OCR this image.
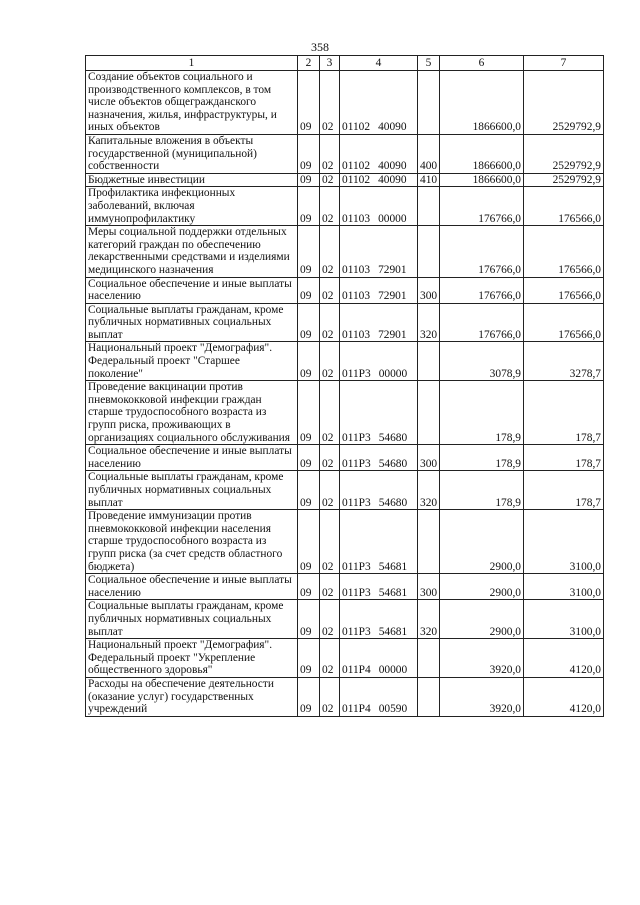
358
1	2	3	4	5	6	7
Создание объектов социального и производственного комплексов, в том числе объектов общегражданского назначения, жилья, инфраструктуры, и иных объектов	09	02	01102 40090		1866600,0	2529792,9
Капитальные вложения в объекты государственной (муниципальной) собственности	09	02	01102 40090	400	1866600,0	2529792,9
Бюджетные инвестиции	09	02	01102 40090	410	1866600,0	2529792,9
Профилактика инфекционных заболеваний, включая иммунопрофилактику	09	02	01103 00000		176766,0	176566,0
Меры социальной поддержки отдельных категорий граждан по обеспечению лекарственными средствами и изделиями медицинского назначения	09	02	01103 72901		176766,0	176566,0
Социальное обеспечение и иные выплаты населению	09	02	01103 72901	300	176766,0	176566,0
Социальные выплаты гражданам, кроме публичных нормативных социальных выплат	09	02	01103 72901	320	176766,0	176566,0
Национальный проект "Демография". Федеральный проект "Старшее поколение"	09	02	011Р3 00000		3078,9	3278,7
Проведение вакцинации против пневмококковой инфекции граждан старше трудоспособного возраста из групп риска, проживающих в организациях социального обслуживания	09	02	011Р3 54680		178,9	178,7
Социальное обеспечение и иные выплаты населению	09	02	011Р3 54680	300	178,9	178,7
Социальные выплаты гражданам, кроме публичных нормативных социальных выплат	09	02	011Р3 54680	320	178,9	178,7
Проведение иммунизации против пневмококковой инфекции населения старше трудоспособного возраста из групп риска (за счет средств областного бюджета)	09	02	011Р3 54681		2900,0	3100,0
Социальное обеспечение и иные выплаты населению	09	02	011Р3 54681	300	2900,0	3100,0
Социальные выплаты гражданам, кроме публичных нормативных социальных выплат	09	02	011Р3 54681	320	2900,0	3100,0
Национальный проект "Демография". Федеральный проект "Укрепление общественного здоровья"	09	02	011Р4 00000		3920,0	4120,0
Расходы на обеспечение деятельности (оказание услуг) государственных учреждений	09	02	011Р4 00590		3920,0	4120,0
